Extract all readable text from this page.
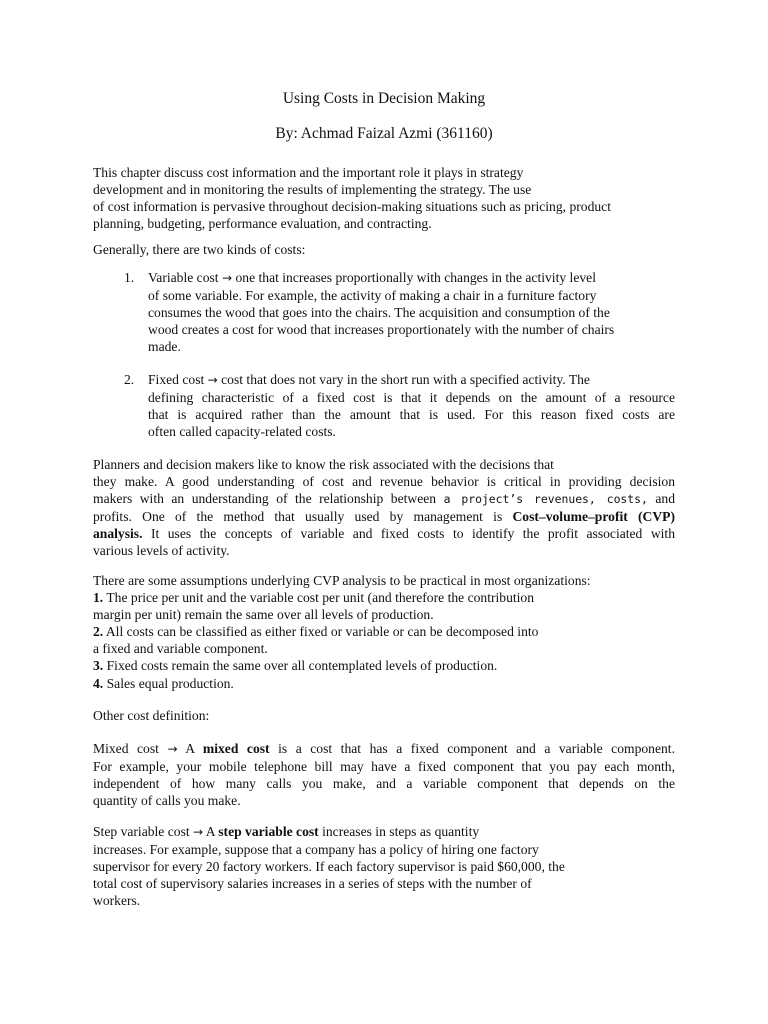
Using Costs in Decision Making
By: Achmad Faizal Azmi (361160)
This chapter discuss cost information and the important role it plays in strategy
development and in monitoring the results of implementing the strategy. The use
of cost information is pervasive throughout decision-making situations such as pricing, product
planning, budgeting, performance evaluation, and contracting.
Generally, there are two kinds of costs:
1. Variable cost → one that increases proportionally with changes in the activity level
of some variable. For example, the activity of making a chair in a furniture factory
consumes the wood that goes into the chairs. The acquisition and consumption of the
wood creates a cost for wood that increases proportionately with the number of chairs
made.
2. Fixed cost → cost that does not vary in the short run with a specified activity. The
defining characteristic of a fixed cost is that it depends on the amount of a resource
that is acquired rather than the amount that is used. For this reason fixed costs are
often called capacity-related costs.
Planners and decision makers like to know the risk associated with the decisions that
they make. A good understanding of cost and revenue behavior is critical in providing decision
makers with an understanding of the relationship between a project’s revenues, costs, and
profits. One of the method that usually used by management is Cost–volume–profit (CVP)
analysis. It uses the concepts of variable and fixed costs to identify the profit associated with
various levels of activity.
There are some assumptions underlying CVP analysis to be practical in most organizations:
1. The price per unit and the variable cost per unit (and therefore the contribution
margin per unit) remain the same over all levels of production.
2. All costs can be classified as either fixed or variable or can be decomposed into
a fixed and variable component.
3. Fixed costs remain the same over all contemplated levels of production.
4. Sales equal production.
Other cost definition:
Mixed cost → A mixed cost is a cost that has a fixed component and a variable component.
For example, your mobile telephone bill may have a fixed component that you pay each month,
independent of how many calls you make, and a variable component that depends on the
quantity of calls you make.
Step variable cost → A step variable cost increases in steps as quantity
increases. For example, suppose that a company has a policy of hiring one factory
supervisor for every 20 factory workers. If each factory supervisor is paid $60,000, the
total cost of supervisory salaries increases in a series of steps with the number of
workers.
